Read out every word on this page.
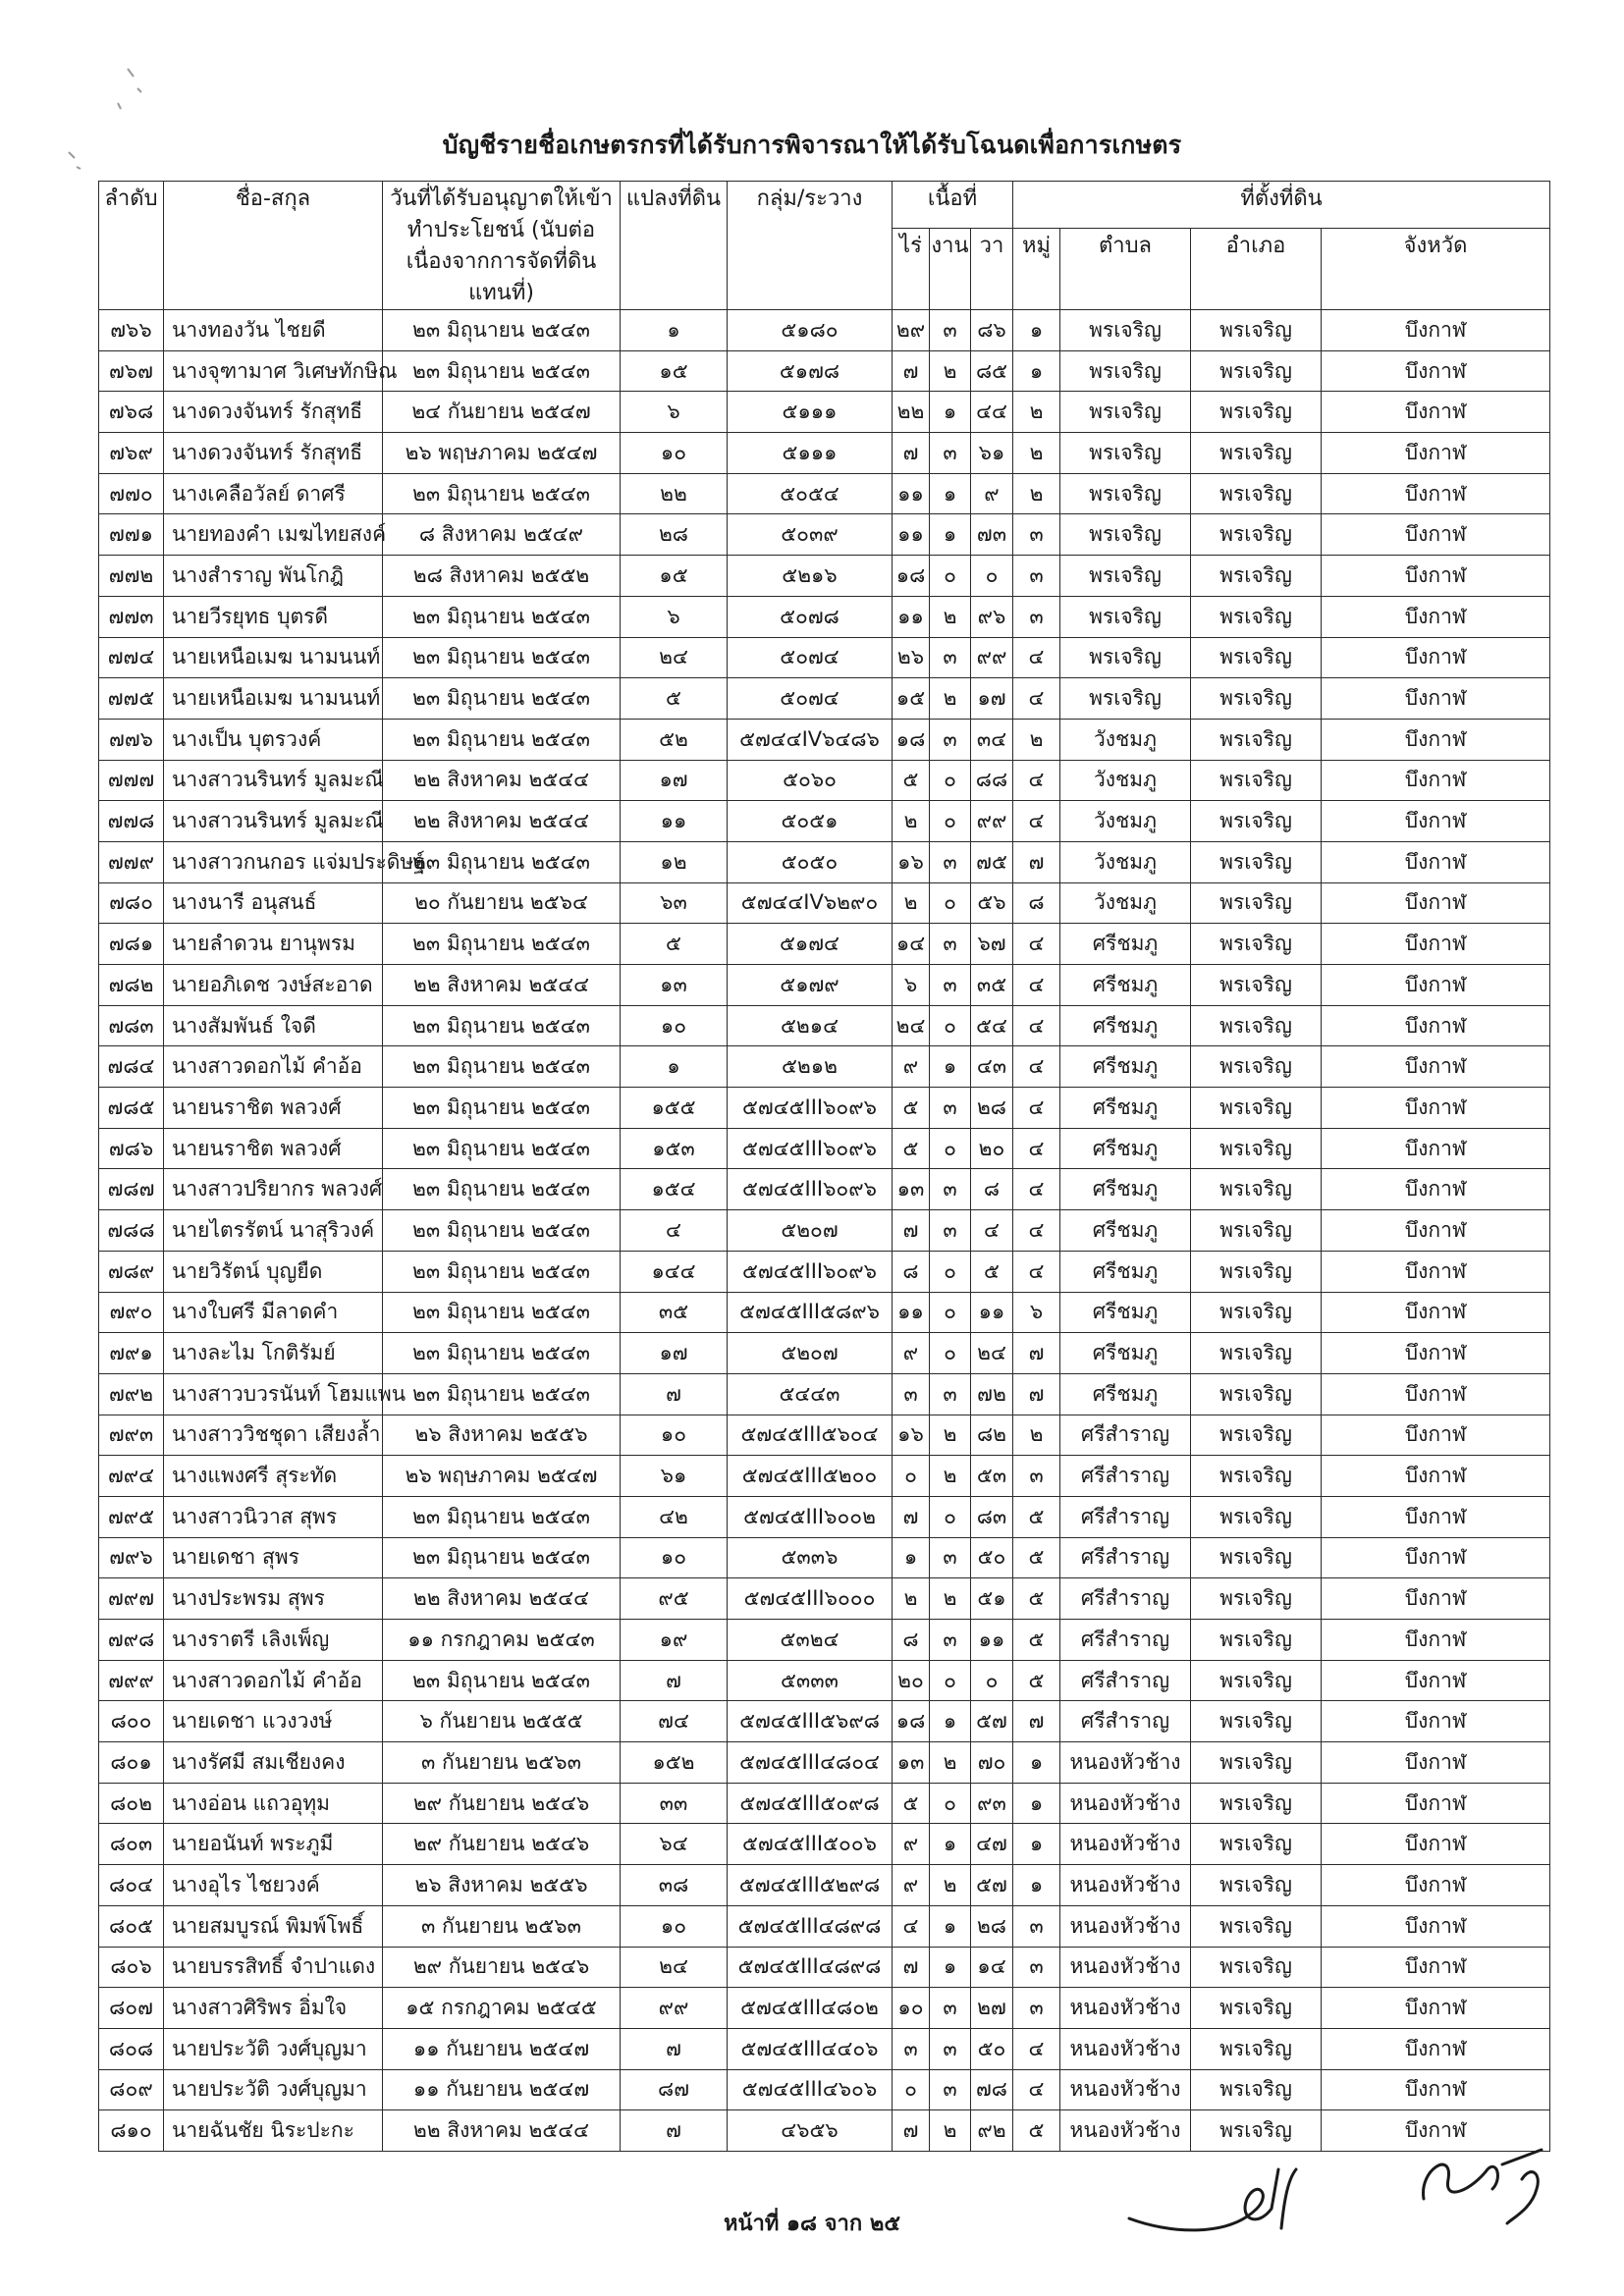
บัญชีรายชื่อเกษตรกรที่ได้รับการพิจารณาให้ได้รับโฉนดเพื่อการเกษตร
ลำดับ	ชื่อ-สกุล	วันที่ได้รับอนุญาตให้เข้าทำประโยชน์ (นับต่อเนื่องจากการจัดที่ดินแทนที่)	แปลงที่ดิน	กลุ่ม/ระวาง	เนื้อที่			ที่ตั้งที่ดิน			
					ไร่	งาน	วา	หมู่	ตำบล	อำเภอ	จังหวัด
๗๖๖	นางทองวัน ไชยดี	๒๓ มิถุนายน ๒๕๔๓	๑	๕๑๘๐	๒๙	๓	๘๖	๑	พรเจริญ	พรเจริญ	บึงกาฬ
๗๖๗	นางจุฑามาศ วิเศษทักษิณ	๒๓ มิถุนายน ๒๕๔๓	๑๕	๕๑๗๘	๗	๒	๘๕	๑	พรเจริญ	พรเจริญ	บึงกาฬ
๗๖๘	นางดวงจันทร์ รักสุทธี	๒๔ กันยายน ๒๕๔๗	๖	๕๑๑๑	๒๒	๑	๔๔	๒	พรเจริญ	พรเจริญ	บึงกาฬ
๗๖๙	นางดวงจันทร์ รักสุทธี	๒๖ พฤษภาคม ๒๕๔๗	๑๐	๕๑๑๑	๗	๓	๖๑	๒	พรเจริญ	พรเจริญ	บึงกาฬ
๗๗๐	นางเคลือวัลย์ ดาศรี	๒๓ มิถุนายน ๒๕๔๓	๒๒	๕๐๕๔	๑๑	๑	๙	๒	พรเจริญ	พรเจริญ	บึงกาฬ
๗๗๑	นายทองคำ เมฆไทยสงค์	๘ สิงหาคม ๒๕๔๙	๒๘	๕๐๓๙	๑๑	๑	๗๓	๓	พรเจริญ	พรเจริญ	บึงกาฬ
๗๗๒	นางสำราญ พันโกฎิ	๒๘ สิงหาคม ๒๕๕๒	๑๕	๕๒๑๖	๑๘	๐	๐	๓	พรเจริญ	พรเจริญ	บึงกาฬ
๗๗๓	นายวีรยุทธ บุตรดี	๒๓ มิถุนายน ๒๕๔๓	๖	๕๐๗๘	๑๑	๒	๙๖	๓	พรเจริญ	พรเจริญ	บึงกาฬ
๗๗๔	นายเหนือเมฆ นามนนท์	๒๓ มิถุนายน ๒๕๔๓	๒๔	๕๐๗๔	๒๖	๓	๙๙	๔	พรเจริญ	พรเจริญ	บึงกาฬ
๗๗๕	นายเหนือเมฆ นามนนท์	๒๓ มิถุนายน ๒๕๔๓	๕	๕๐๗๔	๑๕	๒	๑๗	๔	พรเจริญ	พรเจริญ	บึงกาฬ
๗๗๖	นางเป็น บุตรวงค์	๒๓ มิถุนายน ๒๕๔๓	๕๒	๕๗๔๔IV๖๔๘๖	๑๘	๓	๓๔	๒	วังชมภู	พรเจริญ	บึงกาฬ
๗๗๗	นางสาวนรินทร์ มูลมะณี	๒๒ สิงหาคม ๒๕๔๔	๑๗	๕๐๖๐	๕	๐	๘๘	๔	วังชมภู	พรเจริญ	บึงกาฬ
๗๗๘	นางสาวนรินทร์ มูลมะณี	๒๒ สิงหาคม ๒๕๔๔	๑๑	๕๐๕๑	๒	๐	๙๙	๔	วังชมภู	พรเจริญ	บึงกาฬ
๗๗๙	นางสาวกนกอร แจ่มประดิษฐ์	๒๓ มิถุนายน ๒๕๔๓	๑๒	๕๐๕๐	๑๖	๓	๗๕	๗	วังชมภู	พรเจริญ	บึงกาฬ
๗๘๐	นางนารี อนุสนธ์	๒๐ กันยายน ๒๕๖๔	๖๓	๕๗๔๔IV๖๒๙๐	๒	๐	๕๖	๘	วังชมภู	พรเจริญ	บึงกาฬ
๗๘๑	นายลำดวน ยานุพรม	๒๓ มิถุนายน ๒๕๔๓	๕	๕๑๗๔	๑๔	๓	๖๗	๔	ศรีชมภู	พรเจริญ	บึงกาฬ
๗๘๒	นายอภิเดช วงษ์สะอาด	๒๒ สิงหาคม ๒๕๔๔	๑๓	๕๑๗๙	๖	๓	๓๕	๔	ศรีชมภู	พรเจริญ	บึงกาฬ
๗๘๓	นางสัมพันธ์ ใจดี	๒๓ มิถุนายน ๒๕๔๓	๑๐	๕๒๑๔	๒๔	๐	๕๔	๔	ศรีชมภู	พรเจริญ	บึงกาฬ
๗๘๔	นางสาวดอกไม้ คำอ้อ	๒๓ มิถุนายน ๒๕๔๓	๑	๕๒๑๒	๙	๑	๔๓	๔	ศรีชมภู	พรเจริญ	บึงกาฬ
๗๘๕	นายนราชิต พลวงศ์	๒๓ มิถุนายน ๒๕๔๓	๑๕๕	๕๗๔๕III๖๐๙๖	๕	๓	๒๘	๔	ศรีชมภู	พรเจริญ	บึงกาฬ
๗๘๖	นายนราชิต พลวงศ์	๒๓ มิถุนายน ๒๕๔๓	๑๕๓	๕๗๔๕III๖๐๙๖	๕	๐	๒๐	๔	ศรีชมภู	พรเจริญ	บึงกาฬ
๗๘๗	นางสาวปริยากร พลวงศ์	๒๓ มิถุนายน ๒๕๔๓	๑๕๔	๕๗๔๕III๖๐๙๖	๑๓	๓	๘	๔	ศรีชมภู	พรเจริญ	บึงกาฬ
๗๘๘	นายไตรรัตน์ นาสุริวงค์	๒๓ มิถุนายน ๒๕๔๓	๔	๕๒๐๗	๗	๓	๔	๔	ศรีชมภู	พรเจริญ	บึงกาฬ
๗๘๙	นายวิรัตน์ บุญยืด	๒๓ มิถุนายน ๒๕๔๓	๑๔๔	๕๗๔๕III๖๐๙๖	๘	๐	๕	๔	ศรีชมภู	พรเจริญ	บึงกาฬ
๗๙๐	นางใบศรี มีลาดคำ	๒๓ มิถุนายน ๒๕๔๓	๓๕	๕๗๔๕III๕๘๙๖	๑๑	๐	๑๑	๖	ศรีชมภู	พรเจริญ	บึงกาฬ
๗๙๑	นางละไม โกติรัมย์	๒๓ มิถุนายน ๒๕๔๓	๑๗	๕๒๐๗	๙	๐	๒๔	๗	ศรีชมภู	พรเจริญ	บึงกาฬ
๗๙๒	นางสาวบวรนันท์ โฮมแพน	๒๓ มิถุนายน ๒๕๔๓	๗	๕๔๔๓	๓	๓	๗๒	๗	ศรีชมภู	พรเจริญ	บึงกาฬ
๗๙๓	นางสาววิชชุดา เสียงล้ำ	๒๖ สิงหาคม ๒๕๕๖	๑๐	๕๗๔๕III๕๖๐๔	๑๖	๒	๘๒	๒	ศรีสำราญ	พรเจริญ	บึงกาฬ
๗๙๔	นางแพงศรี สุระทัด	๒๖ พฤษภาคม ๒๕๔๗	๖๑	๕๗๔๕III๕๒๐๐	๐	๒	๕๓	๓	ศรีสำราญ	พรเจริญ	บึงกาฬ
๗๙๕	นางสาวนิวาส สุพร	๒๓ มิถุนายน ๒๕๔๓	๔๒	๕๗๔๕III๖๐๐๒	๗	๐	๘๓	๕	ศรีสำราญ	พรเจริญ	บึงกาฬ
๗๙๖	นายเดชา สุพร	๒๓ มิถุนายน ๒๕๔๓	๑๐	๕๓๓๖	๑	๓	๕๐	๕	ศรีสำราญ	พรเจริญ	บึงกาฬ
๗๙๗	นางประพรม สุพร	๒๒ สิงหาคม ๒๕๔๔	๙๕	๕๗๔๕III๖๐๐๐	๒	๒	๕๑	๕	ศรีสำราญ	พรเจริญ	บึงกาฬ
๗๙๘	นางราตรี เลิงเพ็ญ	๑๑ กรกฎาคม ๒๕๔๓	๑๙	๕๓๒๔	๘	๓	๑๑	๕	ศรีสำราญ	พรเจริญ	บึงกาฬ
๗๙๙	นางสาวดอกไม้ คำอ้อ	๒๓ มิถุนายน ๒๕๔๓	๗	๕๓๓๓	๒๐	๐	๐	๕	ศรีสำราญ	พรเจริญ	บึงกาฬ
๘๐๐	นายเดชา แวงวงษ์	๖ กันยายน ๒๕๕๕	๗๔	๕๗๔๕III๕๖๙๘	๑๘	๑	๕๗	๗	ศรีสำราญ	พรเจริญ	บึงกาฬ
๘๐๑	นางรัศมี สมเชียงคง	๓ กันยายน ๒๕๖๓	๑๕๒	๕๗๔๕III๔๘๐๔	๑๓	๒	๗๐	๑	หนองหัวช้าง	พรเจริญ	บึงกาฬ
๘๐๒	นางอ่อน แถวอุทุม	๒๙ กันยายน ๒๕๔๖	๓๓	๕๗๔๕III๕๐๙๘	๕	๐	๙๓	๑	หนองหัวช้าง	พรเจริญ	บึงกาฬ
๘๐๓	นายอนันท์ พระภูมี	๒๙ กันยายน ๒๕๔๖	๖๔	๕๗๔๕III๕๐๐๖	๙	๑	๔๗	๑	หนองหัวช้าง	พรเจริญ	บึงกาฬ
๘๐๔	นางอุไร ไชยวงค์	๒๖ สิงหาคม ๒๕๕๖	๓๘	๕๗๔๕III๕๒๙๘	๙	๒	๕๗	๑	หนองหัวช้าง	พรเจริญ	บึงกาฬ
๘๐๕	นายสมบูรณ์ พิมพ์โพธิ์	๓ กันยายน ๒๕๖๓	๑๐	๕๗๔๕III๔๘๙๘	๔	๑	๒๘	๓	หนองหัวช้าง	พรเจริญ	บึงกาฬ
๘๐๖	นายบรรสิทธิ์ จำปาแดง	๒๙ กันยายน ๒๕๔๖	๒๔	๕๗๔๕III๔๘๙๘	๗	๑	๑๔	๓	หนองหัวช้าง	พรเจริญ	บึงกาฬ
๘๐๗	นางสาวศิริพร อิ่มใจ	๑๕ กรกฎาคม ๒๕๔๕	๙๙	๕๗๔๕III๔๘๐๒	๑๐	๓	๒๗	๓	หนองหัวช้าง	พรเจริญ	บึงกาฬ
๘๐๘	นายประวัติ วงศ์บุญมา	๑๑ กันยายน ๒๕๔๗	๗	๕๗๔๕III๔๔๐๖	๓	๓	๕๐	๔	หนองหัวช้าง	พรเจริญ	บึงกาฬ
๘๐๙	นายประวัติ วงศ์บุญมา	๑๑ กันยายน ๒๕๔๗	๘๗	๕๗๔๕III๔๖๐๖	๐	๓	๗๘	๔	หนองหัวช้าง	พรเจริญ	บึงกาฬ
๘๑๐	นายฉันชัย นิระปะกะ	๒๒ สิงหาคม ๒๕๔๔	๗	๔๖๕๖	๗	๒	๙๒	๕	หนองหัวช้าง	พรเจริญ	บึงกาฬ
หน้าที่ ๑๘ จาก ๒๕
